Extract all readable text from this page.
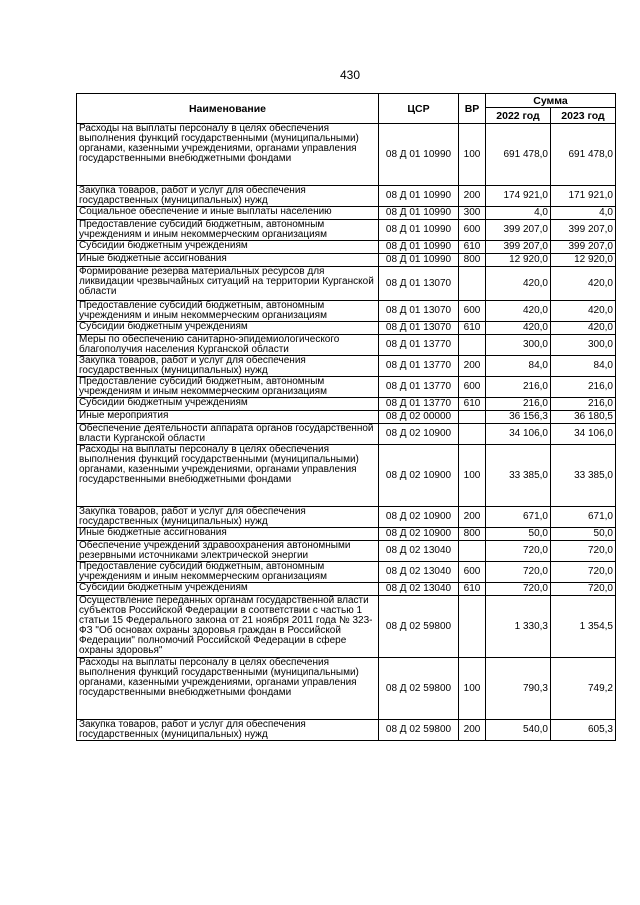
430
Наименование	ЦСР	ВР	Сумма	
			2022 год	2023 год
Расходы на выплаты персоналу в целях обеспечения выполнения функций государственными (муниципальными) органами, казенными учреждениями, органами управления государственными внебюджетными фондами	08 Д 01 10990	100	691 478,0	691 478,0
Закупка товаров, работ и услуг для обеспечения государственных (муниципальных) нужд	08 Д 01 10990	200	174 921,0	171 921,0
Социальное обеспечение и иные выплаты населению	08 Д 01 10990	300	4,0	4,0
Предоставление субсидий бюджетным, автономным учреждениям и иным некоммерческим организациям	08 Д 01 10990	600	399 207,0	399 207,0
Субсидии бюджетным учреждениям	08 Д 01 10990	610	399 207,0	399 207,0
Иные бюджетные ассигнования	08 Д 01 10990	800	12 920,0	12 920,0
Формирование резерва материальных ресурсов для ликвидации чрезвычайных ситуаций на территории Курганской области	08 Д 01 13070		420,0	420,0
Предоставление субсидий бюджетным, автономным учреждениям и иным некоммерческим организациям	08 Д 01 13070	600	420,0	420,0
Субсидии бюджетным учреждениям	08 Д 01 13070	610	420,0	420,0
Меры по обеспечению санитарно-эпидемиологического благополучия населения Курганской области	08 Д 01 13770		300,0	300,0
Закупка товаров, работ и услуг для обеспечения государственных (муниципальных) нужд	08 Д 01 13770	200	84,0	84,0
Предоставление субсидий бюджетным, автономным учреждениям и иным некоммерческим организациям	08 Д 01 13770	600	216,0	216,0
Субсидии бюджетным учреждениям	08 Д 01 13770	610	216,0	216,0
Иные мероприятия	08 Д 02 00000		36 156,3	36 180,5
Обеспечение деятельности аппарата органов государственной власти Курганской области	08 Д 02 10900		34 106,0	34 106,0
Расходы на выплаты персоналу в целях обеспечения выполнения функций государственными (муниципальными) органами, казенными учреждениями, органами управления государственными внебюджетными фондами	08 Д 02 10900	100	33 385,0	33 385,0
Закупка товаров, работ и услуг для обеспечения государственных (муниципальных) нужд	08 Д 02 10900	200	671,0	671,0
Иные бюджетные ассигнования	08 Д 02 10900	800	50,0	50,0
Обеспечение учреждений здравоохранения автономными резервными источниками электрической энергии	08 Д 02 13040		720,0	720,0
Предоставление субсидий бюджетным, автономным учреждениям и иным некоммерческим организациям	08 Д 02 13040	600	720,0	720,0
Субсидии бюджетным учреждениям	08 Д 02 13040	610	720,0	720,0
Осуществление переданных органам государственной власти субъектов Российской Федерации в соответствии с частью 1 статьи 15 Федерального закона от 21 ноября 2011 года № 323-ФЗ "Об основах охраны здоровья граждан в Российской Федерации" полномочий Российской Федерации в сфере охраны здоровья"	08 Д 02 59800		1 330,3	1 354,5
Расходы на выплаты персоналу в целях обеспечения выполнения функций государственными (муниципальными) органами, казенными учреждениями, органами управления государственными внебюджетными фондами	08 Д 02 59800	100	790,3	749,2
Закупка товаров, работ и услуг для обеспечения государственных (муниципальных) нужд	08 Д 02 59800	200	540,0	605,3
